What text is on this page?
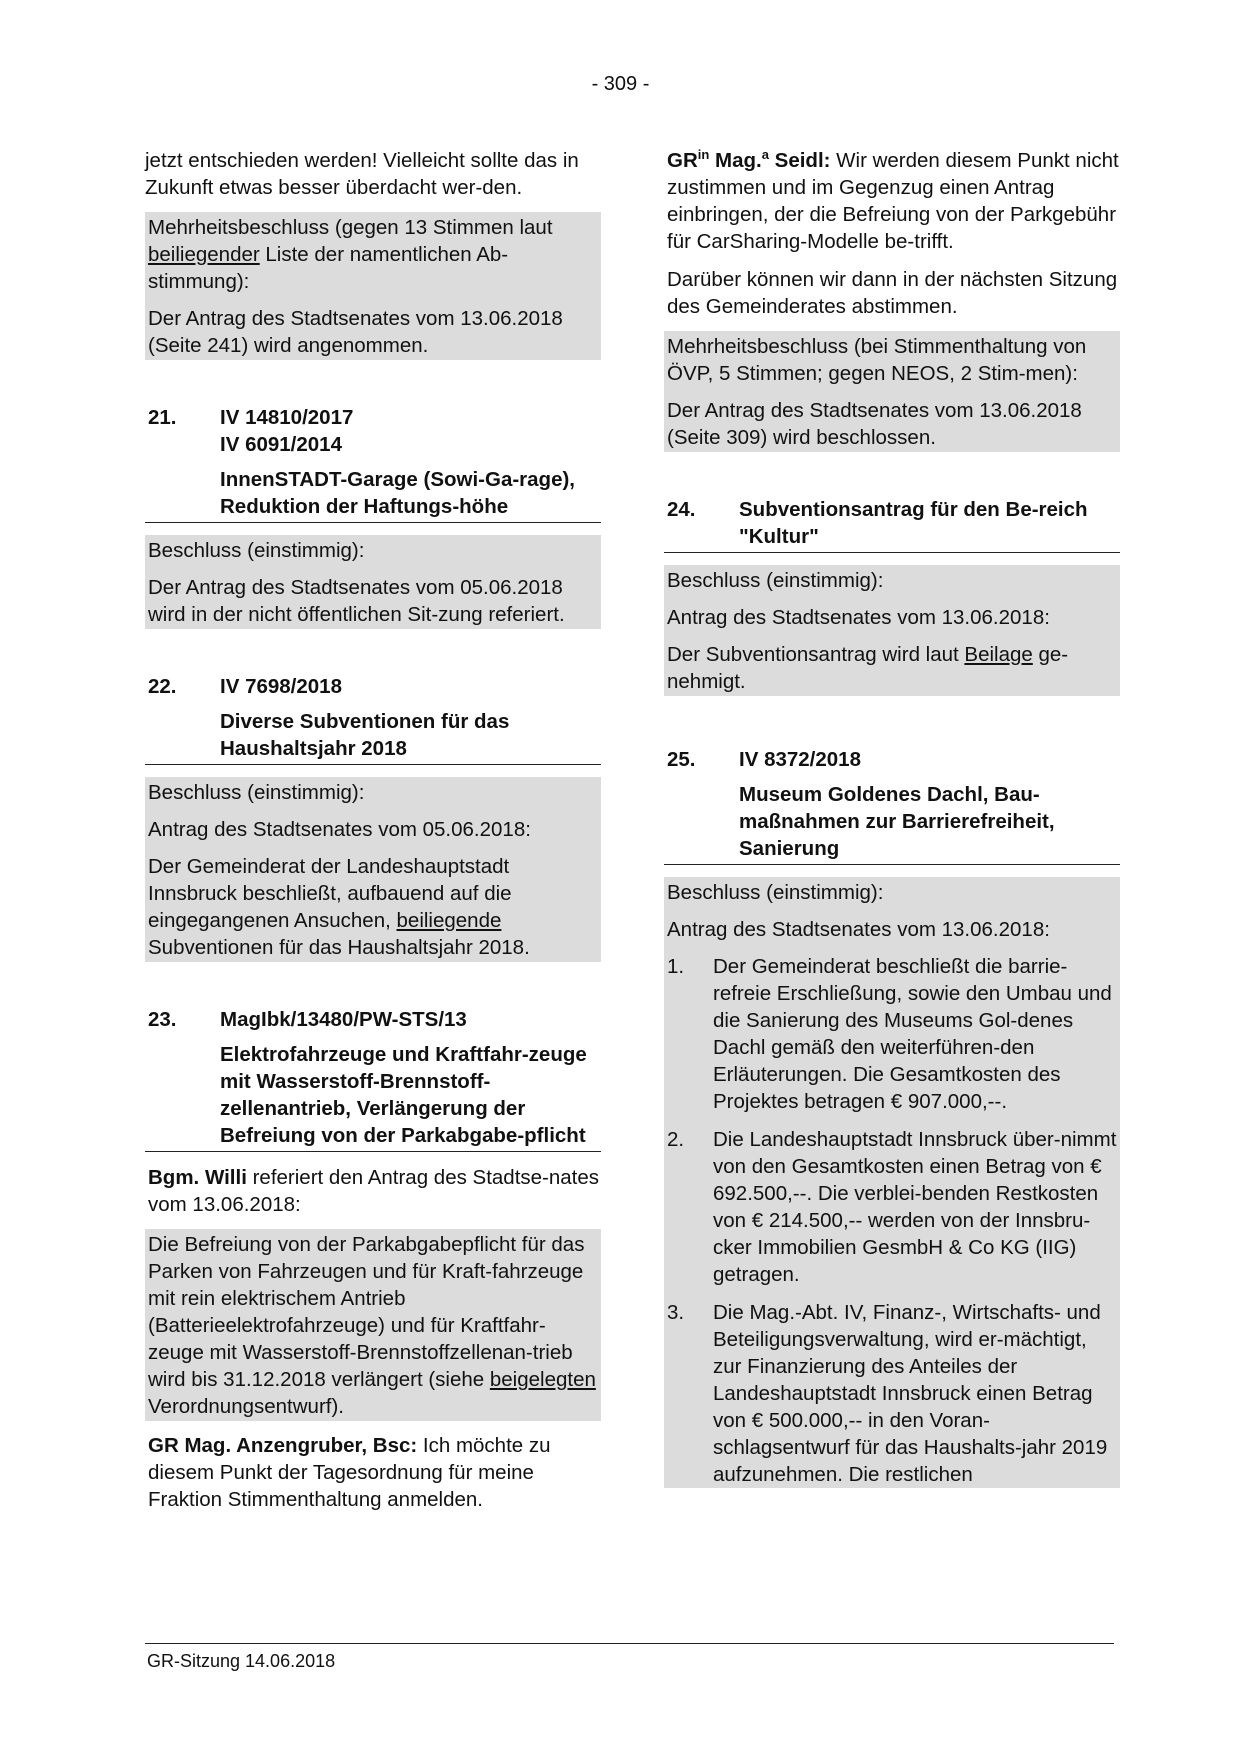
- 309 -

jetzt entschieden werden! Vielleicht sollte das in Zukunft etwas besser überdacht wer-den.

Mehrheitsbeschluss (gegen 13 Stimmen laut beiliegender Liste der namentlichen Ab-stimmung):

Der Antrag des Stadtsenates vom 13.06.2018 (Seite 241) wird angenommen.

21.	IV 14810/2017
IV 6091/2014

InnenSTADT-Garage (Sowi-Ga-rage), Reduktion der Haftungs-höhe

Beschluss (einstimmig):

Der Antrag des Stadtsenates vom 05.06.2018 wird in der nicht öffentlichen Sit-zung referiert.

22.	IV 7698/2018

Diverse Subventionen für das Haushaltsjahr 2018

Beschluss (einstimmig):

Antrag des Stadtsenates vom 05.06.2018:

Der Gemeinderat der Landeshauptstadt Innsbruck beschließt, aufbauend auf die eingegangenen Ansuchen, beiliegende Subventionen für das Haushaltsjahr 2018.

23.	MagIbk/13480/PW-STS/13

Elektrofahrzeuge und Kraftfahr-zeuge mit Wasserstoff-Brennstoff-zellenantrieb, Verlängerung der Befreiung von der Parkabgabe-pflicht

Bgm. Willi referiert den Antrag des Stadtse-nates vom 13.06.2018:

Die Befreiung von der Parkabgabepflicht für das Parken von Fahrzeugen und für Kraft-fahrzeuge mit rein elektrischem Antrieb (Batterieelektrofahrzeuge) und für Kraftfahr-zeuge mit Wasserstoff-Brennstoffzellenan-trieb wird bis 31.12.2018 verlängert (siehe beigelegten Verordnungsentwurf).

GR Mag. Anzengruber, Bsc: Ich möchte zu diesem Punkt der Tagesordnung für meine Fraktion Stimmenthaltung anmelden.

$GR^{in}$ Mag.$^a$ Seidl: Wir werden diesem Punkt nicht zustimmen und im Gegenzug einen Antrag einbringen, der die Befreiung von der Parkgebühr für CarSharing-Modelle be-trifft.

Darüber können wir dann in der nächsten Sitzung des Gemeinderates abstimmen.

Mehrheitsbeschluss (bei Stimmenthaltung von ÖVP, 5 Stimmen; gegen NEOS, 2 Stim-men):

Der Antrag des Stadtsenates vom 13.06.2018 (Seite 309) wird beschlossen.

24.	Subventionsantrag für den Be-reich "Kultur"

Beschluss (einstimmig):

Antrag des Stadtsenates vom 13.06.2018:

Der Subventionsantrag wird laut Beilage ge-nehmigt.

25.	IV 8372/2018

Museum Goldenes Dachl, Bau-maßnahmen zur Barrierefreiheit, Sanierung

Beschluss (einstimmig):

Antrag des Stadtsenates vom 13.06.2018:

1.	Der Gemeinderat beschließt die barrie-refreie Erschließung, sowie den Umbau und die Sanierung des Museums Gol-denes Dachl gemäß den weiterführen-den Erläuterungen. Die Gesamtkosten des Projektes betragen € 907.000,--.
2.	Die Landeshauptstadt Innsbruck über-nimmt von den Gesamtkosten einen Betrag von € 692.500,--. Die verblei-benden Restkosten von € 214.500,-- werden von der Innsbru-cker Immobilien GesmbH & Co KG (IIG) getragen.
3.	Die Mag.-Abt. IV, Finanz-, Wirtschafts- und Beteiligungsverwaltung, wird er-mächtigt, zur Finanzierung des Anteiles der Landeshauptstadt Innsbruck einen Betrag von € 500.000,-- in den Voran-schlagsentwurf für das Haushalts-jahr 2019 aufzunehmen. Die restlichen
GR-Sitzung 14.06.2018
